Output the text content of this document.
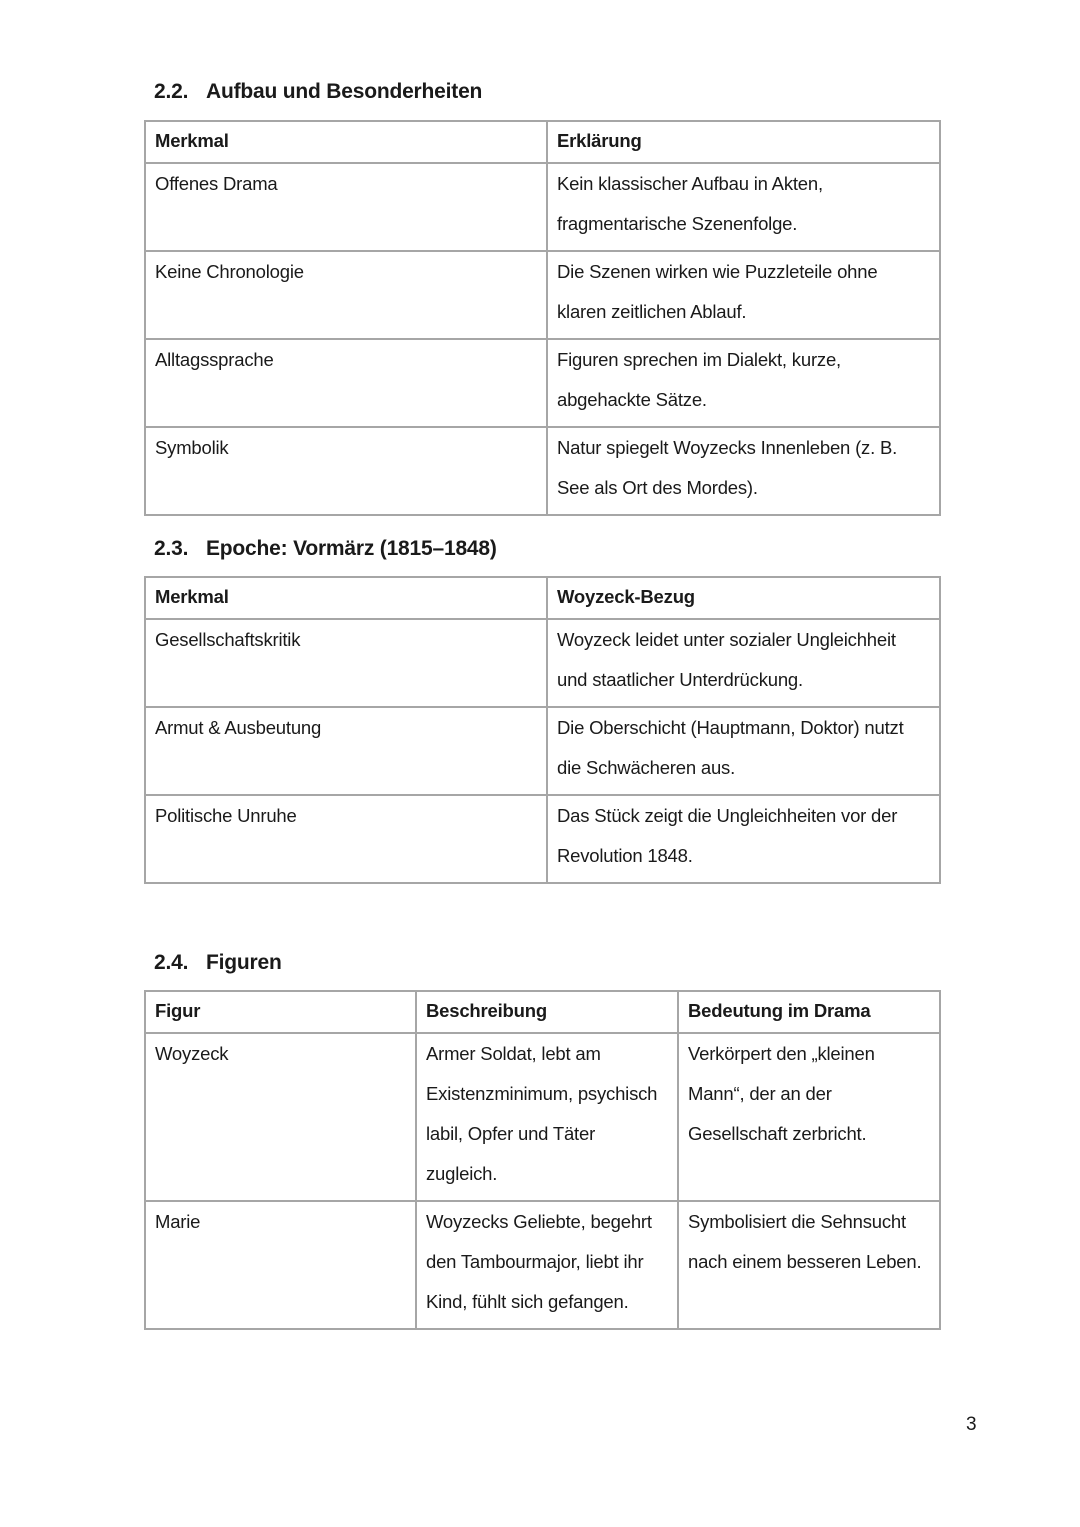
2.2. Aufbau und Besonderheiten
Merkmal	Erklärung

Offenes Drama	Kein klassischer Aufbau in Akten, fragmentarische Szenenfolge.

Keine Chronologie	Die Szenen wirken wie Puzzleteile ohne klaren zeitlichen Ablauf.

Alltagssprache	Figuren sprechen im Dialekt, kurze, abgehackte Sätze.

Symbolik	Natur spiegelt Woyzecks Innenleben (z. B. See als Ort des Mordes).
2.3. Epoche: Vormärz (1815–1848)
Merkmal	Woyzeck-Bezug

Gesellschaftskritik	Woyzeck leidet unter sozialer Ungleichheit und staatlicher Unterdrückung.

Armut & Ausbeutung	Die Oberschicht (Hauptmann, Doktor) nutzt die Schwächeren aus.

Politische Unruhe	Das Stück zeigt die Ungleichheiten vor der Revolution 1848.
2.4. Figuren
Figur	Beschreibung	Bedeutung im Drama

Woyzeck	Armer Soldat, lebt am Existenzminimum, psychisch labil, Opfer und Täter zugleich.	Verkörpert den „kleinen Mann“, der an der Gesellschaft zerbricht.

Marie	Woyzecks Geliebte, begehrt den Tambourmajor, liebt ihr Kind, fühlt sich gefangen.	Symbolisiert die Sehnsucht nach einem besseren Leben.
3
